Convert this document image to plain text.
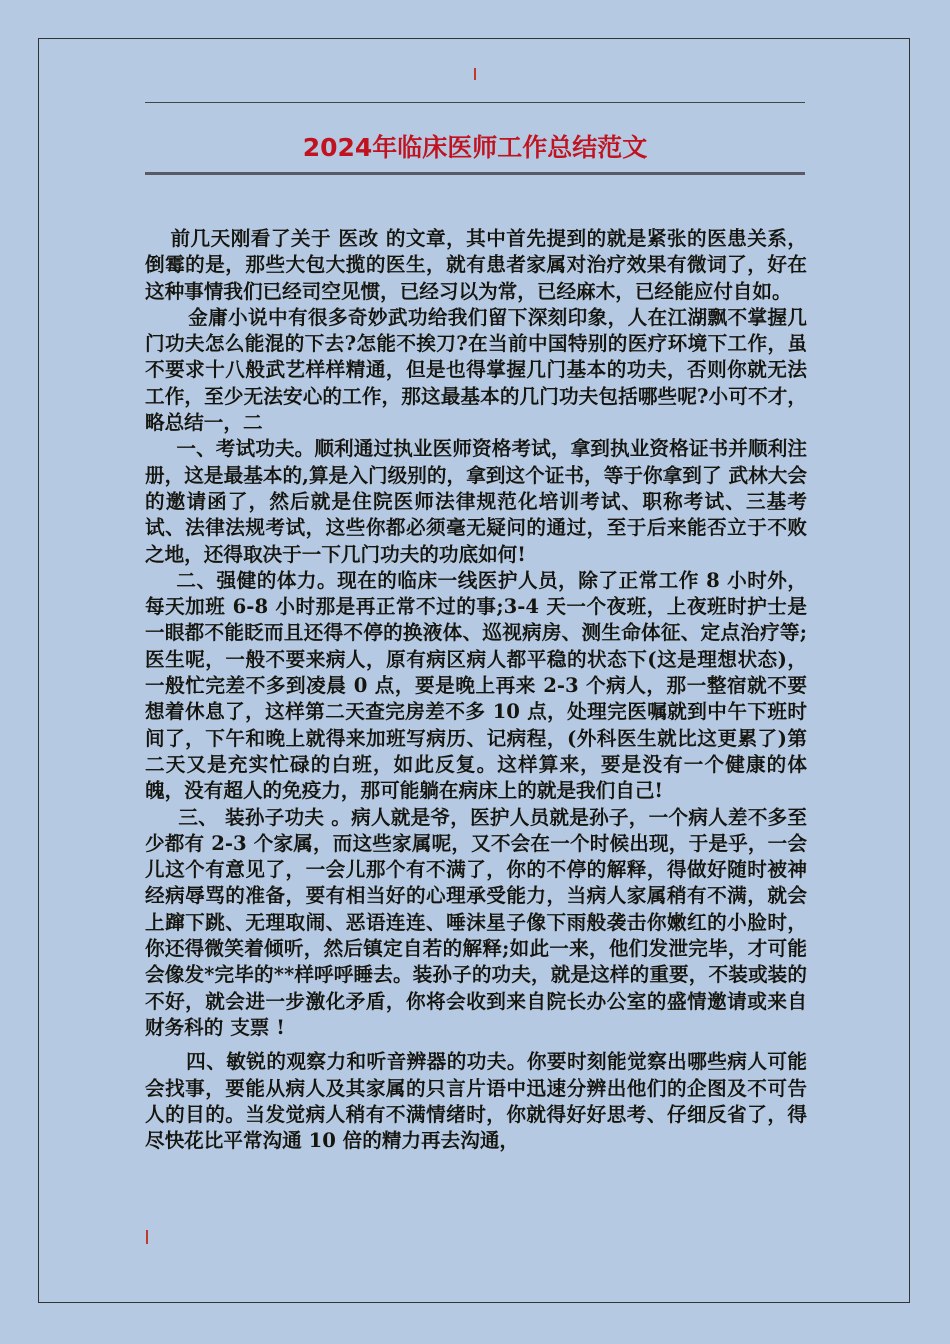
2024年临床医师工作总结范文

前几天刚看了关于 医改 的文章，其中首先提到的就是紧张的医患关系，倒霉的是，那些大包大揽的医生，就有患者家属对治疗效果有微词了，好在这种事情我们已经司空见惯，已经习以为常，已经麻木，已经能应付自如。

金庸小说中有很多奇妙武功给我们留下深刻印象，人在江湖飘不掌握几门功夫怎么能混的下去?怎能不挨刀?在当前中国特别的医疗环境下工作，虽不要求十八般武艺样样精通，但是也得掌握几门基本的功夫，否则你就无法工作，至少无法安心的工作，那这最基本的几门功夫包括哪些呢?小可不才，略总结一，二

一、考试功夫。顺利通过执业医师资格考试，拿到执业资格证书并顺利注册，这是最基本的,算是入门级别的，拿到这个证书，等于你拿到了 武林大会 的邀请函了，然后就是住院医师法律规范化培训考试、职称考试、三基考试、法律法规考试，这些你都必须毫无疑问的通过，至于后来能否立于不败之地，还得取决于一下几门功夫的功底如何!

二、强健的体力。现在的临床一线医护人员，除了正常工作 8 小时外，每天加班 6-8 小时那是再正常不过的事;3-4 天一个夜班，上夜班时护士是一眼都不能眨而且还得不停的换液体、巡视病房、测生命体征、定点治疗等;医生呢，一般不要来病人，原有病区病人都平稳的状态下(这是理想状态)，一般忙完差不多到凌晨 0 点，要是晚上再来 2-3 个病人，那一整宿就不要想着休息了，这样第二天查完房差不多 10 点，处理完医嘱就到中午下班时间了，下午和晚上就得来加班写病历、记病程，(外科医生就比这更累了)第二天又是充实忙碌的白班，如此反复。这样算来，要是没有一个健康的体魄，没有超人的免疫力，那可能躺在病床上的就是我们自己!

三、 装孙子功夫 。病人就是爷，医护人员就是孙子，一个病人差不多至少都有 2-3 个家属，而这些家属呢，又不会在一个时候出现，于是乎，一会儿这个有意见了，一会儿那个有不满了，你的不停的解释，得做好随时被神经病辱骂的准备，要有相当好的心理承受能力，当病人家属稍有不满，就会上蹿下跳、无理取闹、恶语连连、唾沫星子像下雨般袭击你嫩红的小脸时，你还得微笑着倾听，然后镇定自若的解释;如此一来，他们发泄完毕，才可能会像发*完毕的**样呼呼睡去。装孙子的功夫，就是这样的重要，不装或装的不好，就会进一步激化矛盾，你将会收到来自院长办公室的盛情邀请或来自财务科的 支票 !

四、敏锐的观察力和听音辨器的功夫。你要时刻能觉察出哪些病人可能会找事，要能从病人及其家属的只言片语中迅速分辨出他们的企图及不可告人的目的。当发觉病人稍有不满情绪时，你就得好好思考、仔细反省了，得尽快花比平常沟通 10 倍的精力再去沟通，
